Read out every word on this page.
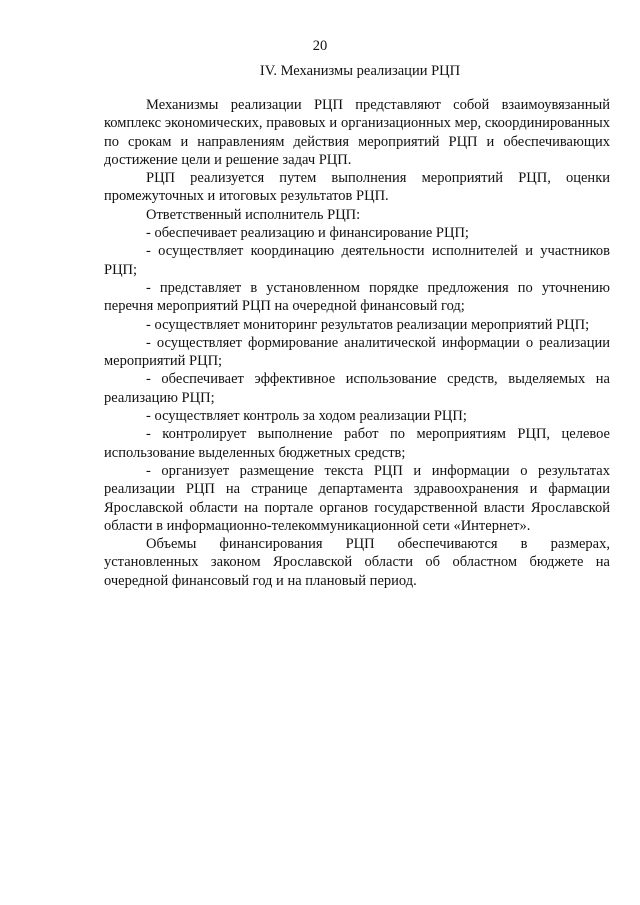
20
IV. Механизмы реализации РЦП

Механизмы реализации РЦП представляют собой взаимоувязанный комплекс экономических, правовых и организационных мер, скоординированных по срокам и направлениям действия мероприятий РЦП и обеспечивающих достижение цели и решение задач РЦП.

РЦП реализуется путем выполнения мероприятий РЦП, оценки промежуточных и итоговых результатов РЦП.

Ответственный исполнитель РЦП:

- обеспечивает реализацию и финансирование РЦП;

- осуществляет координацию деятельности исполнителей и участников РЦП;

- представляет в установленном порядке предложения по уточнению перечня мероприятий РЦП на очередной финансовый год;

- осуществляет мониторинг результатов реализации мероприятий РЦП;

- осуществляет формирование аналитической информации о реализации мероприятий РЦП;

- обеспечивает эффективное использование средств, выделяемых на реализацию РЦП;

- осуществляет контроль за ходом реализации РЦП;

- контролирует выполнение работ по мероприятиям РЦП, целевое использование выделенных бюджетных средств;

- организует размещение текста РЦП и информации о результатах реализации РЦП на странице департамента здравоохранения и фармации Ярославской области на портале органов государственной власти Ярославской области в информационно-телекоммуникационной сети «Интернет».

Объемы финансирования РЦП обеспечиваются в размерах, установленных законом Ярославской области об областном бюджете на очередной финансовый год и на плановый период.
